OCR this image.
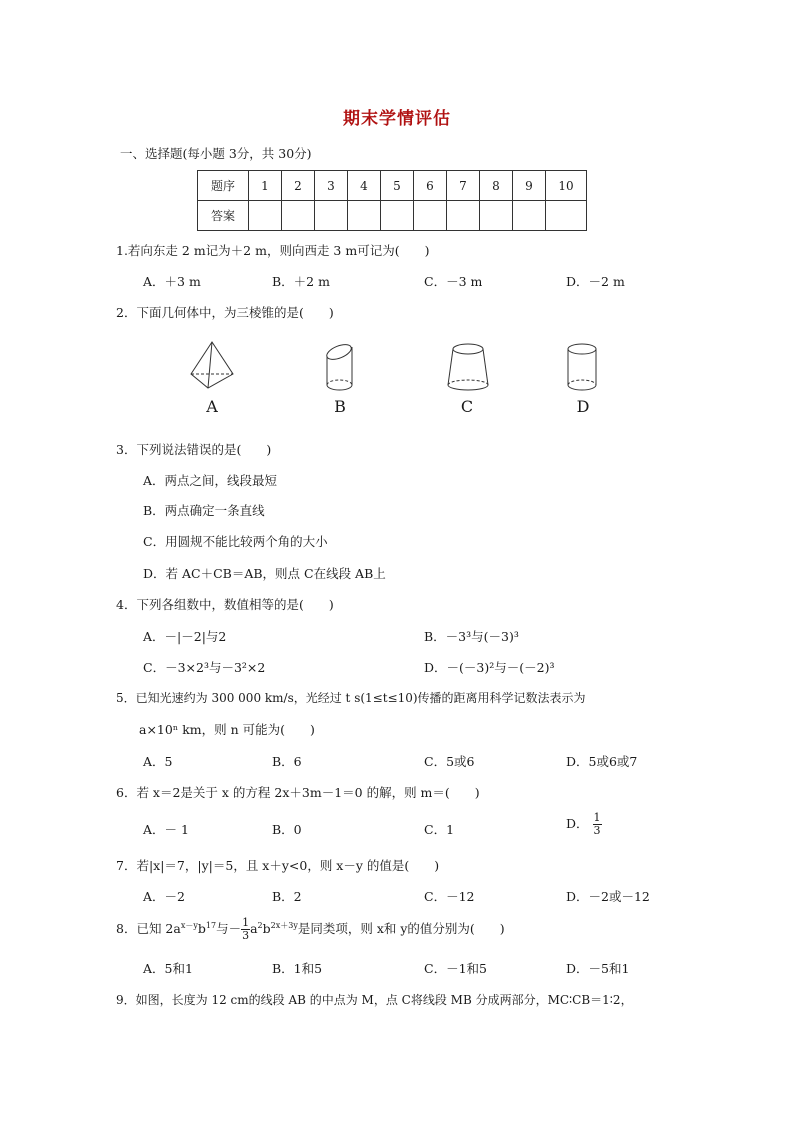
期末学情评估
一、选择题(每小题 3分，共 30分)
题序	1	2	3	4	5	6	7	8	9	10
答案										
1.若向东走 2 m记为＋2 m，则向西走 3 m可记为(　　)
A．＋3 m	B．＋2 m	C．－3 m	D．－2 m
2．下面几何体中，为三棱锥的是(　　)
A	B	C	D
3．下列说法错误的是(　　)
A．两点之间，线段最短
B．两点确定一条直线
C．用圆规不能比较两个角的大小
D．若 AC＋CB＝AB，则点 C在线段 AB上
4．下列各组数中，数值相等的是(　　)
A．－|－2|与2	B．－3³与(－3)³
C．－3×2³与－3²×2	D．－(－3)²与－(－2)³
5．已知光速约为 300 000 km/s，光经过 t s(1≤t≤10)传播的距离用科学记数法表示为
a×10ⁿ km，则 n 可能为(　　)
A．5	B．6	C．5或6	D．5或6或7
6．若 x＝2是关于 x 的方程 2x＋3m－1＝0 的解，则 m＝(　　)
A．－ 1	B．0	C．1	D． $\frac{1}{3}$
7．若|x|＝7，|y|＝5，且 x＋y<0，则 x－y 的值是(　　)
A．－2	B．2	C．－12	D．－2或－12
8．已知 $2a^{x-y}b^{17}$与－ $\frac{1}{3} a^2b^{2x+3y}$是同类项，则 x和 y的值分别为(　　)
A．5和1	B．1和5	C．－1和5	D．－5和1
9．如图，长度为 12 cm的线段 AB 的中点为 M，点 C将线段 MB 分成两部分，MC∶CB＝1∶2，
